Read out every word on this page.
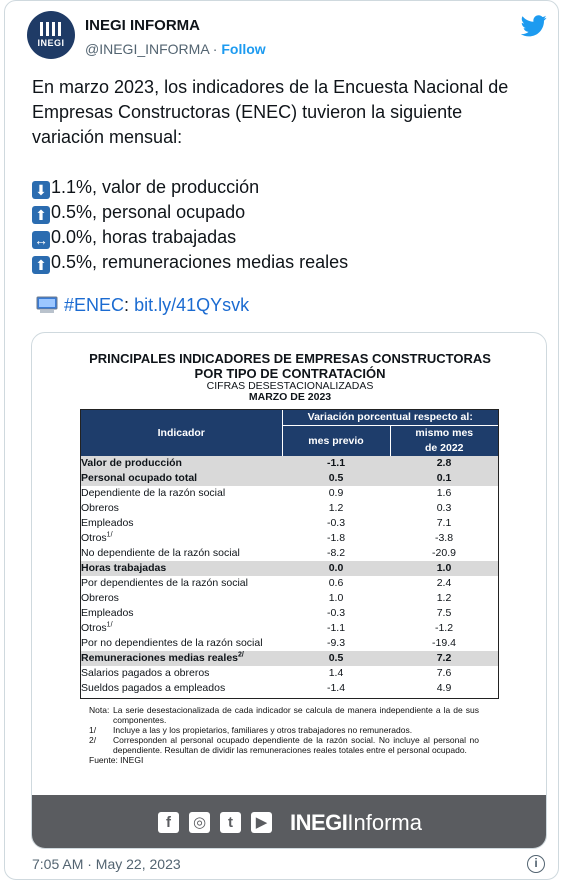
INEGI
INEGI INFORMA
@INEGI_INFORMA · Follow
En marzo 2023, los indicadores de la Encuesta Nacional de
Empresas Constructoras (ENEC) tuvieron la siguiente
variación mensual:
⬇ 1.1%, valor de producción
⬆ 0.5%, personal ocupado
↔ 0.0%, horas trabajadas
⬆ 0.5%, remuneraciones medias reales
#ENEC: bit.ly/41QYsvk
PRINCIPALES INDICADORES DE EMPRESAS CONSTRUCTORAS
POR TIPO DE CONTRATACIÓN
CIFRAS DESESTACIONALIZADAS
MARZO DE 2023
Indicador	Variación porcentual respecto al:	
	mes previo	mismo mes
de 2022

Valor de producción	-1.1	2.8
Personal ocupado total	0.5	0.1
Dependiente de la razón social	0.9	1.6
Obreros	1.2	0.3
Empleados	-0.3	7.1
Otros$^{1/}$	-1.8	-3.8
No dependiente de la razón social	-8.2	-20.9
Horas trabajadas	0.0	1.0
Por dependientes de la razón social	0.6	2.4
Obreros	1.0	1.2
Empleados	-0.3	7.5
Otros$^{1/}$	-1.1	-1.2
Por no dependientes de la razón social	-9.3	-19.4
Remuneraciones medias reales$^{2/}$	0.5	7.2
Salarios pagados a obreros	1.4	7.6
Sueldos pagados a empleados	-1.4	4.9
Nota: La serie desestacionalizada de cada indicador se calcula de manera independiente a la de sus componentes.
1/	Incluye a las y los propietarios, familiares y otros trabajadores no remunerados.
2/	Corresponden al personal ocupado dependiente de la razón social. No incluye al personal no dependiente. Resultan de dividir las remuneraciones reales totales entre el personal ocupado.
Fuente: INEGI
f	◎	t	▶ INEGIInforma
7:05 AM · May 22, 2023	i
